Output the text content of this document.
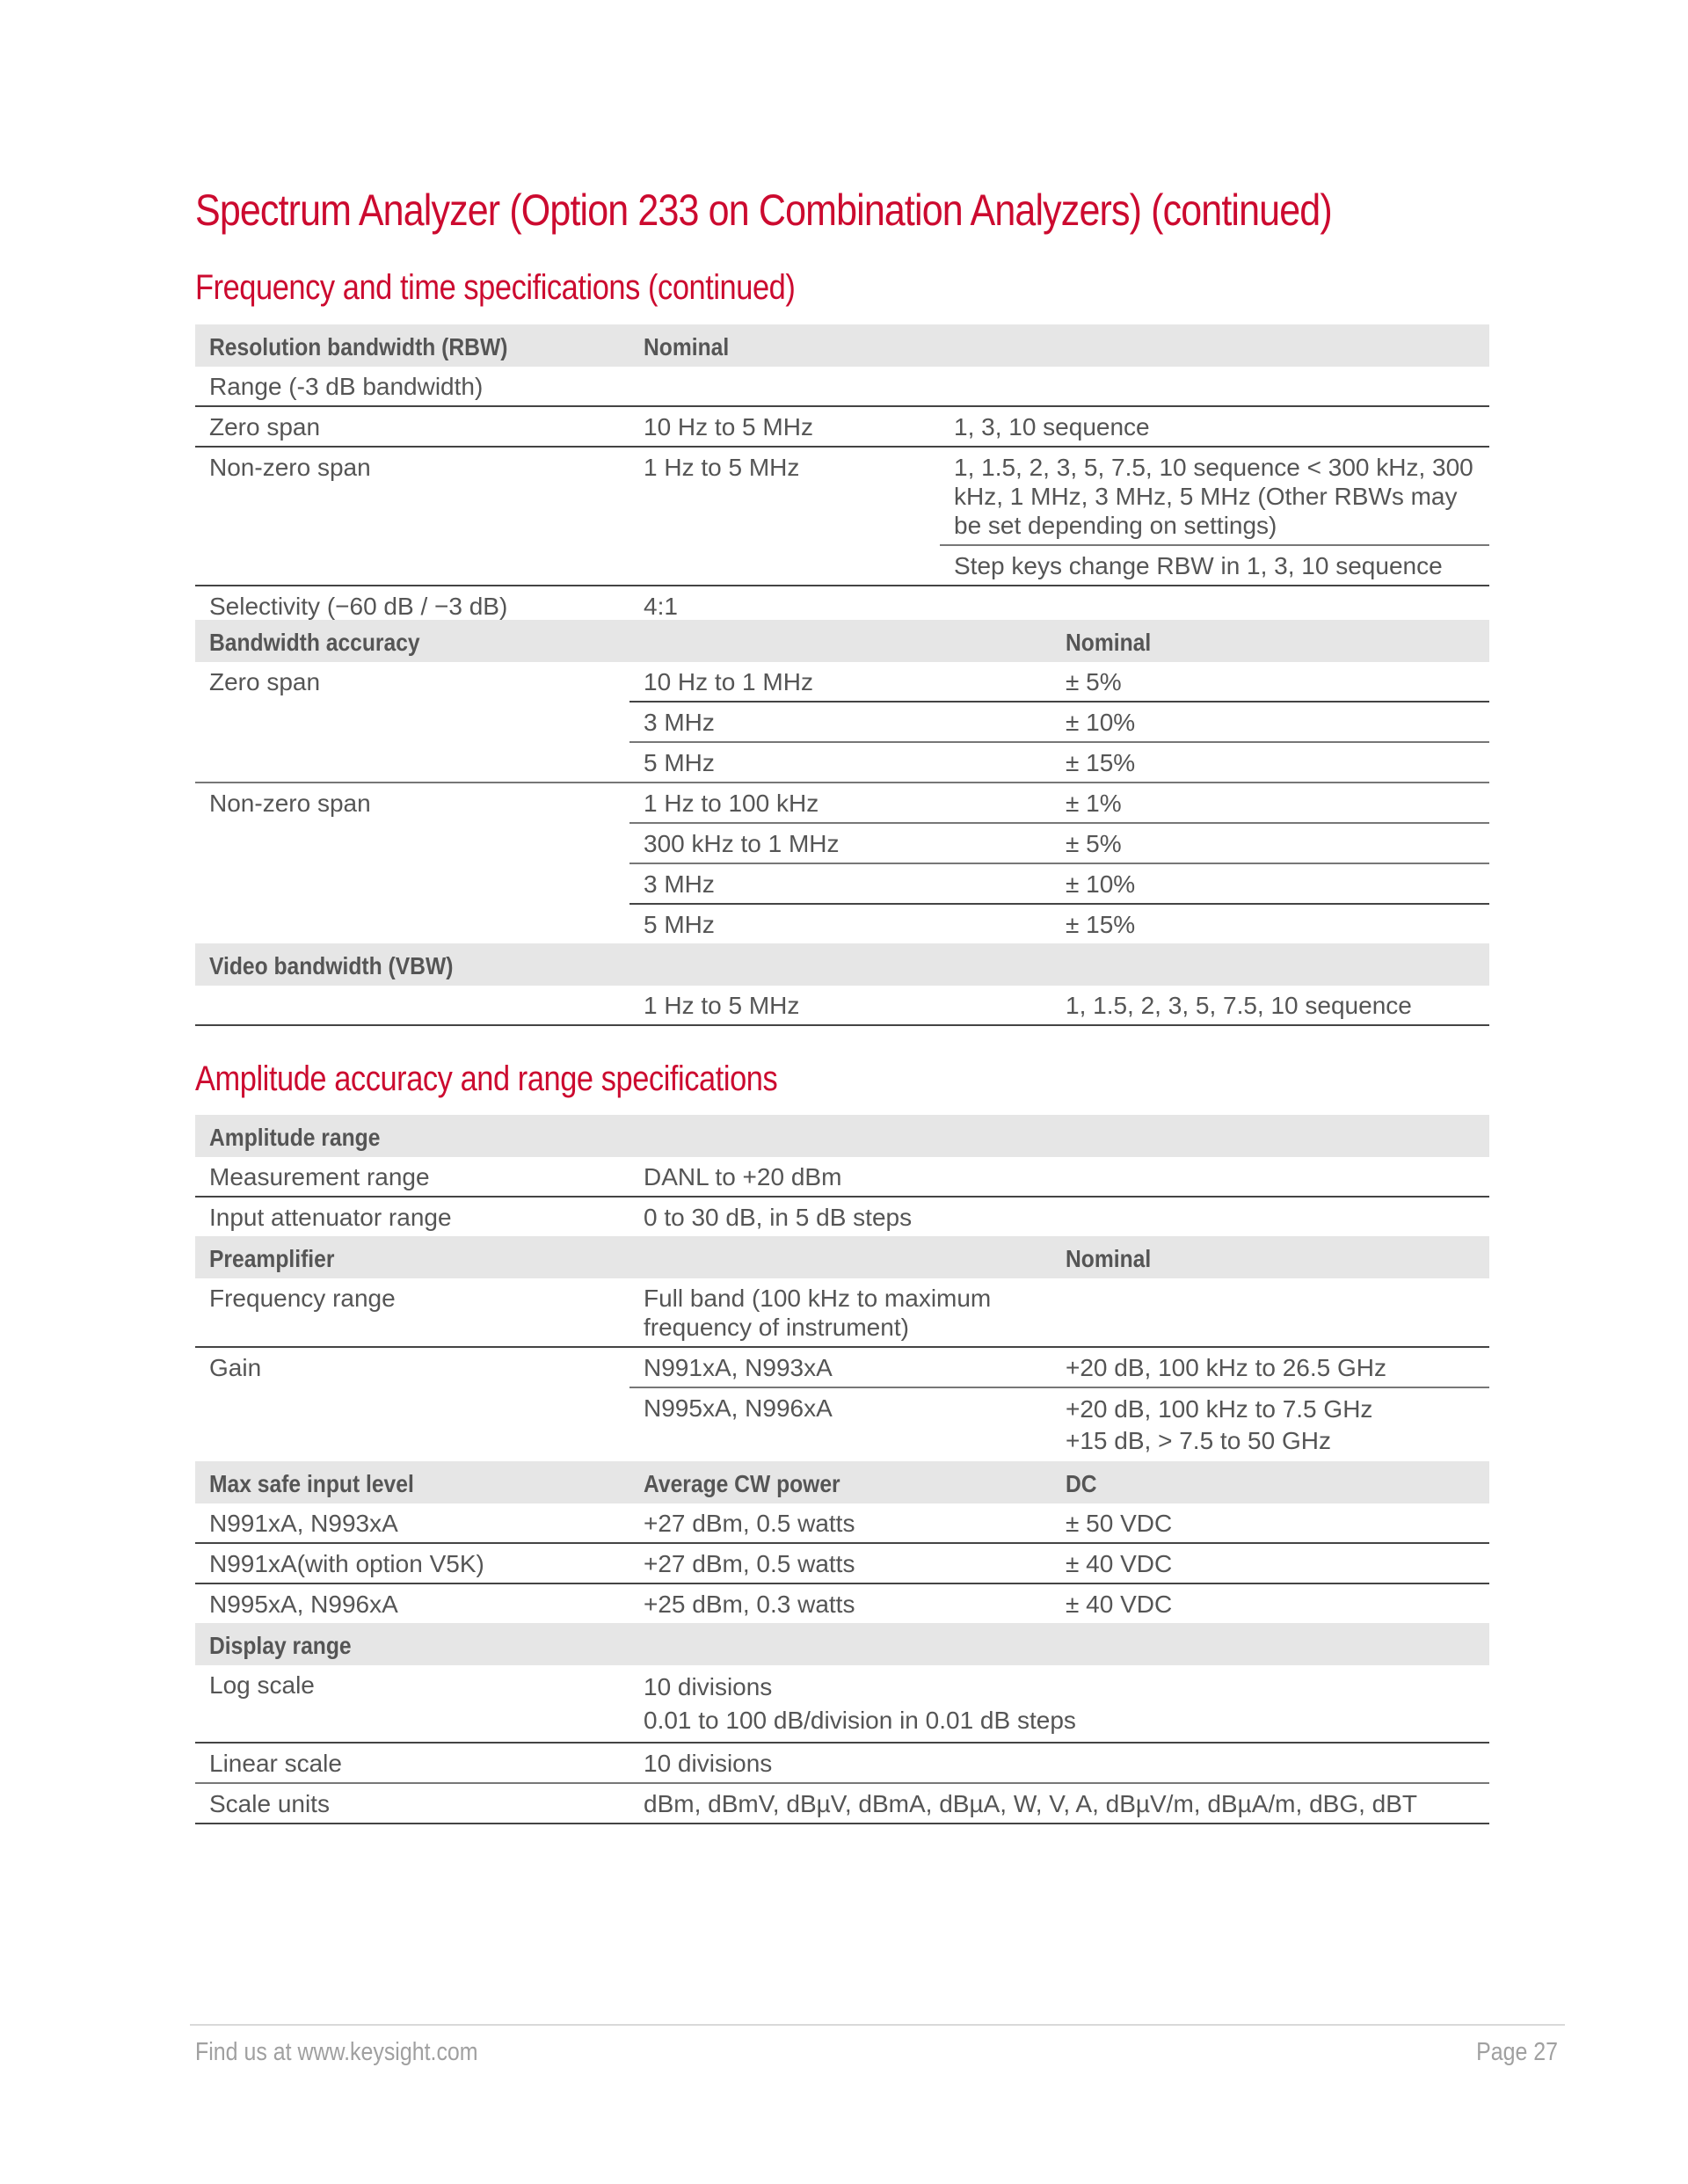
Spectrum Analyzer (Option 233 on Combination Analyzers) (continued)
Frequency and time specifications (continued)
Resolution bandwidth (RBW)	Nominal	
Range (-3 dB bandwidth)		
Zero span	10 Hz to 5 MHz	1, 3, 10 sequence
Non-zero span	1 Hz to 5 MHz	1, 1.5, 2, 3, 5, 7.5, 10 sequence < 300 kHz, 300 kHz, 1 MHz, 3 MHz, 5 MHz (Other RBWs may be set depending on settings)
		Step keys change RBW in 1, 3, 10 sequence
Selectivity (−60 dB / −3 dB)	4:1	
Bandwidth accuracy		Nominal
Zero span	10 Hz to 1 MHz	± 5%
	3 MHz	± 10%
	5 MHz	± 15%
Non-zero span	1 Hz to 100 kHz	± 1%
	300 kHz to 1 MHz	± 5%
	3 MHz	± 10%
	5 MHz	± 15%
Video bandwidth (VBW)		
	1 Hz to 5 MHz	1, 1.5, 2, 3, 5, 7.5, 10 sequence
Amplitude accuracy and range specifications
Amplitude range		
Measurement range	DANL to +20 dBm	
Input attenuator range	0 to 30 dB, in 5 dB steps	
Preamplifier		Nominal
Frequency range	Full band (100 kHz to maximum
frequency of instrument)	

Gain	N991xA, N993xA	+20 dB, 100 kHz to 26.5 GHz
	N995xA, N996xA	+20 dB, 100 kHz to 7.5 GHz
+15 dB, > 7.5 to 50 GHz

Max safe input level	Average CW power	DC
N991xA, N993xA	+27 dBm, 0.5 watts	± 50 VDC
N991xA(with option V5K)	+27 dBm, 0.5 watts	± 40 VDC
N995xA, N996xA	+25 dBm, 0.3 watts	± 40 VDC
Display range		
Log scale	10 divisions
0.01 to 100 dB/division in 0.01 dB steps	

Linear scale	10 divisions	
Scale units	dBm, dBmV, dBµV, dBmA, dBµA, W, V, A, dBµV/m, dBµA/m, dBG, dBT	
Find us at www.keysight.com	Page 27
